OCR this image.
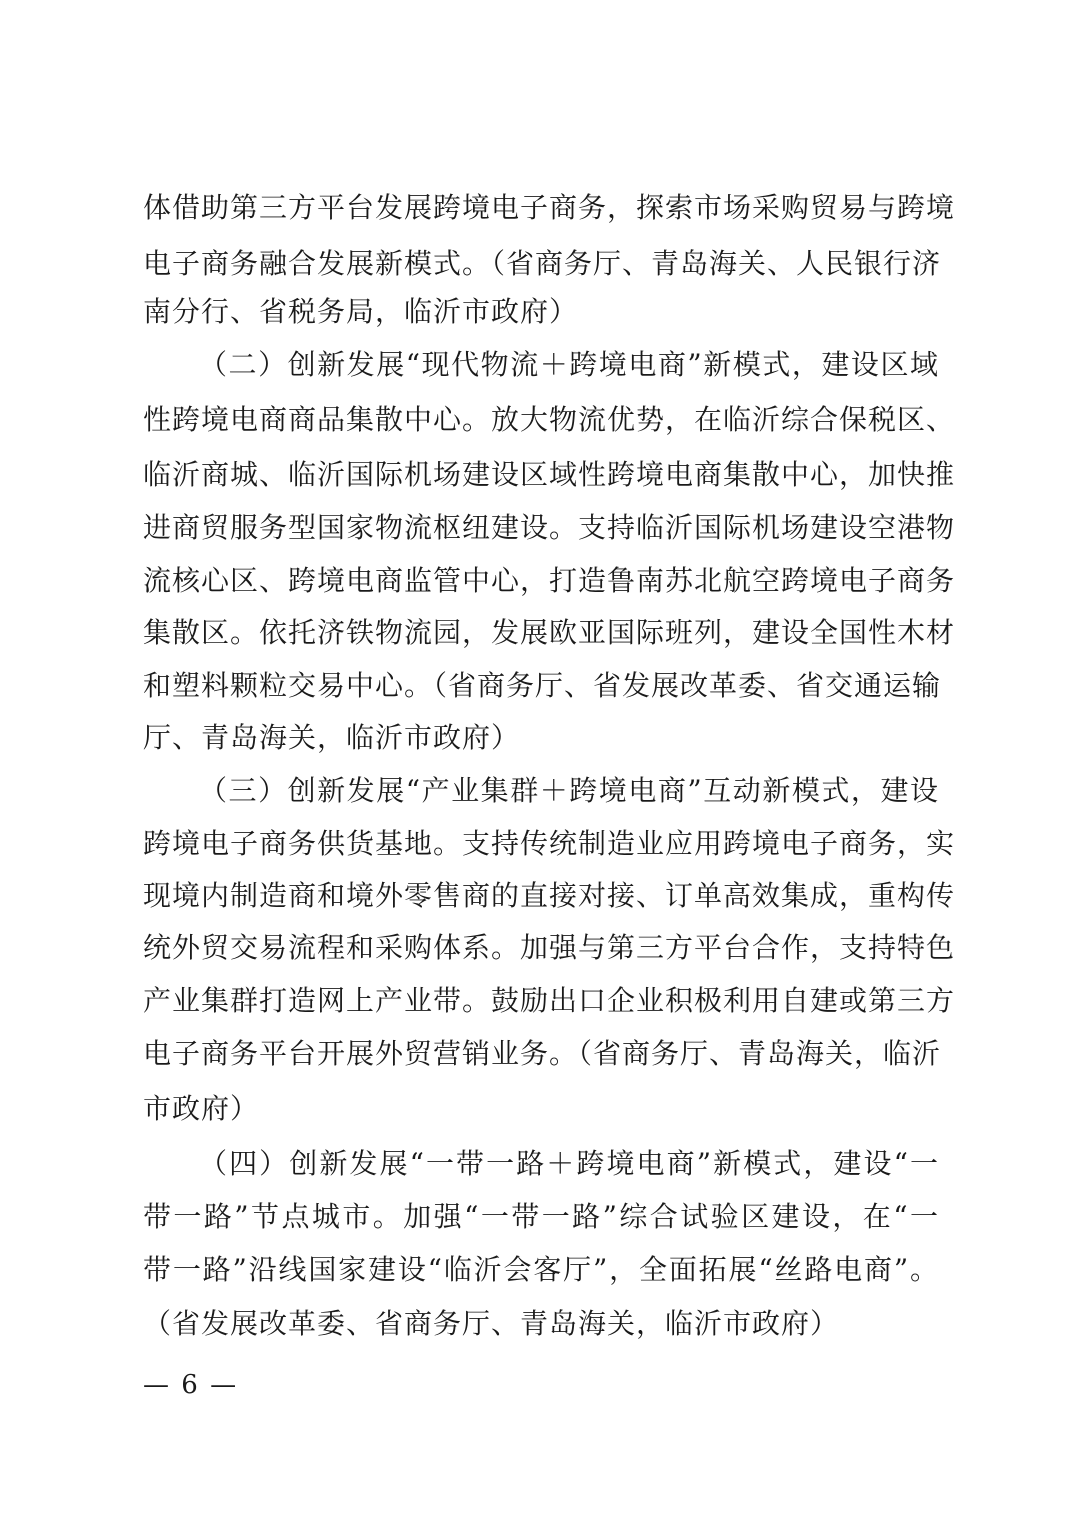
体借助第三方平台发展跨境电子商务，探索市场采购贸易与跨境
电子商务融合发展新模式。（省商务厅、青岛海关、人民银行济
南分行、省税务局，临沂市政府）
（二）创新发展“现代物流＋跨境电商”新模式，建设区域
性跨境电商商品集散中心。放大物流优势，在临沂综合保税区、
临沂商城、临沂国际机场建设区域性跨境电商集散中心，加快推
进商贸服务型国家物流枢纽建设。支持临沂国际机场建设空港物
流核心区、跨境电商监管中心，打造鲁南苏北航空跨境电子商务
集散区。依托济铁物流园，发展欧亚国际班列，建设全国性木材
和塑料颗粒交易中心。（省商务厅、省发展改革委、省交通运输
厅、青岛海关，临沂市政府）
（三）创新发展“产业集群＋跨境电商”互动新模式，建设
跨境电子商务供货基地。支持传统制造业应用跨境电子商务，实
现境内制造商和境外零售商的直接对接、订单高效集成，重构传
统外贸交易流程和采购体系。加强与第三方平台合作，支持特色
产业集群打造网上产业带。鼓励出口企业积极利用自建或第三方
电子商务平台开展外贸营销业务。（省商务厅、青岛海关，临沂
市政府）
（四）创新发展“一带一路＋跨境电商”新模式，建设“一
带一路”节点城市。加强“一带一路”综合试验区建设，在“一
带一路”沿线国家建设“临沂会客厅”，全面拓展“丝路电商”。
（省发展改革委、省商务厅、青岛海关，临沂市政府）
— 6 —
